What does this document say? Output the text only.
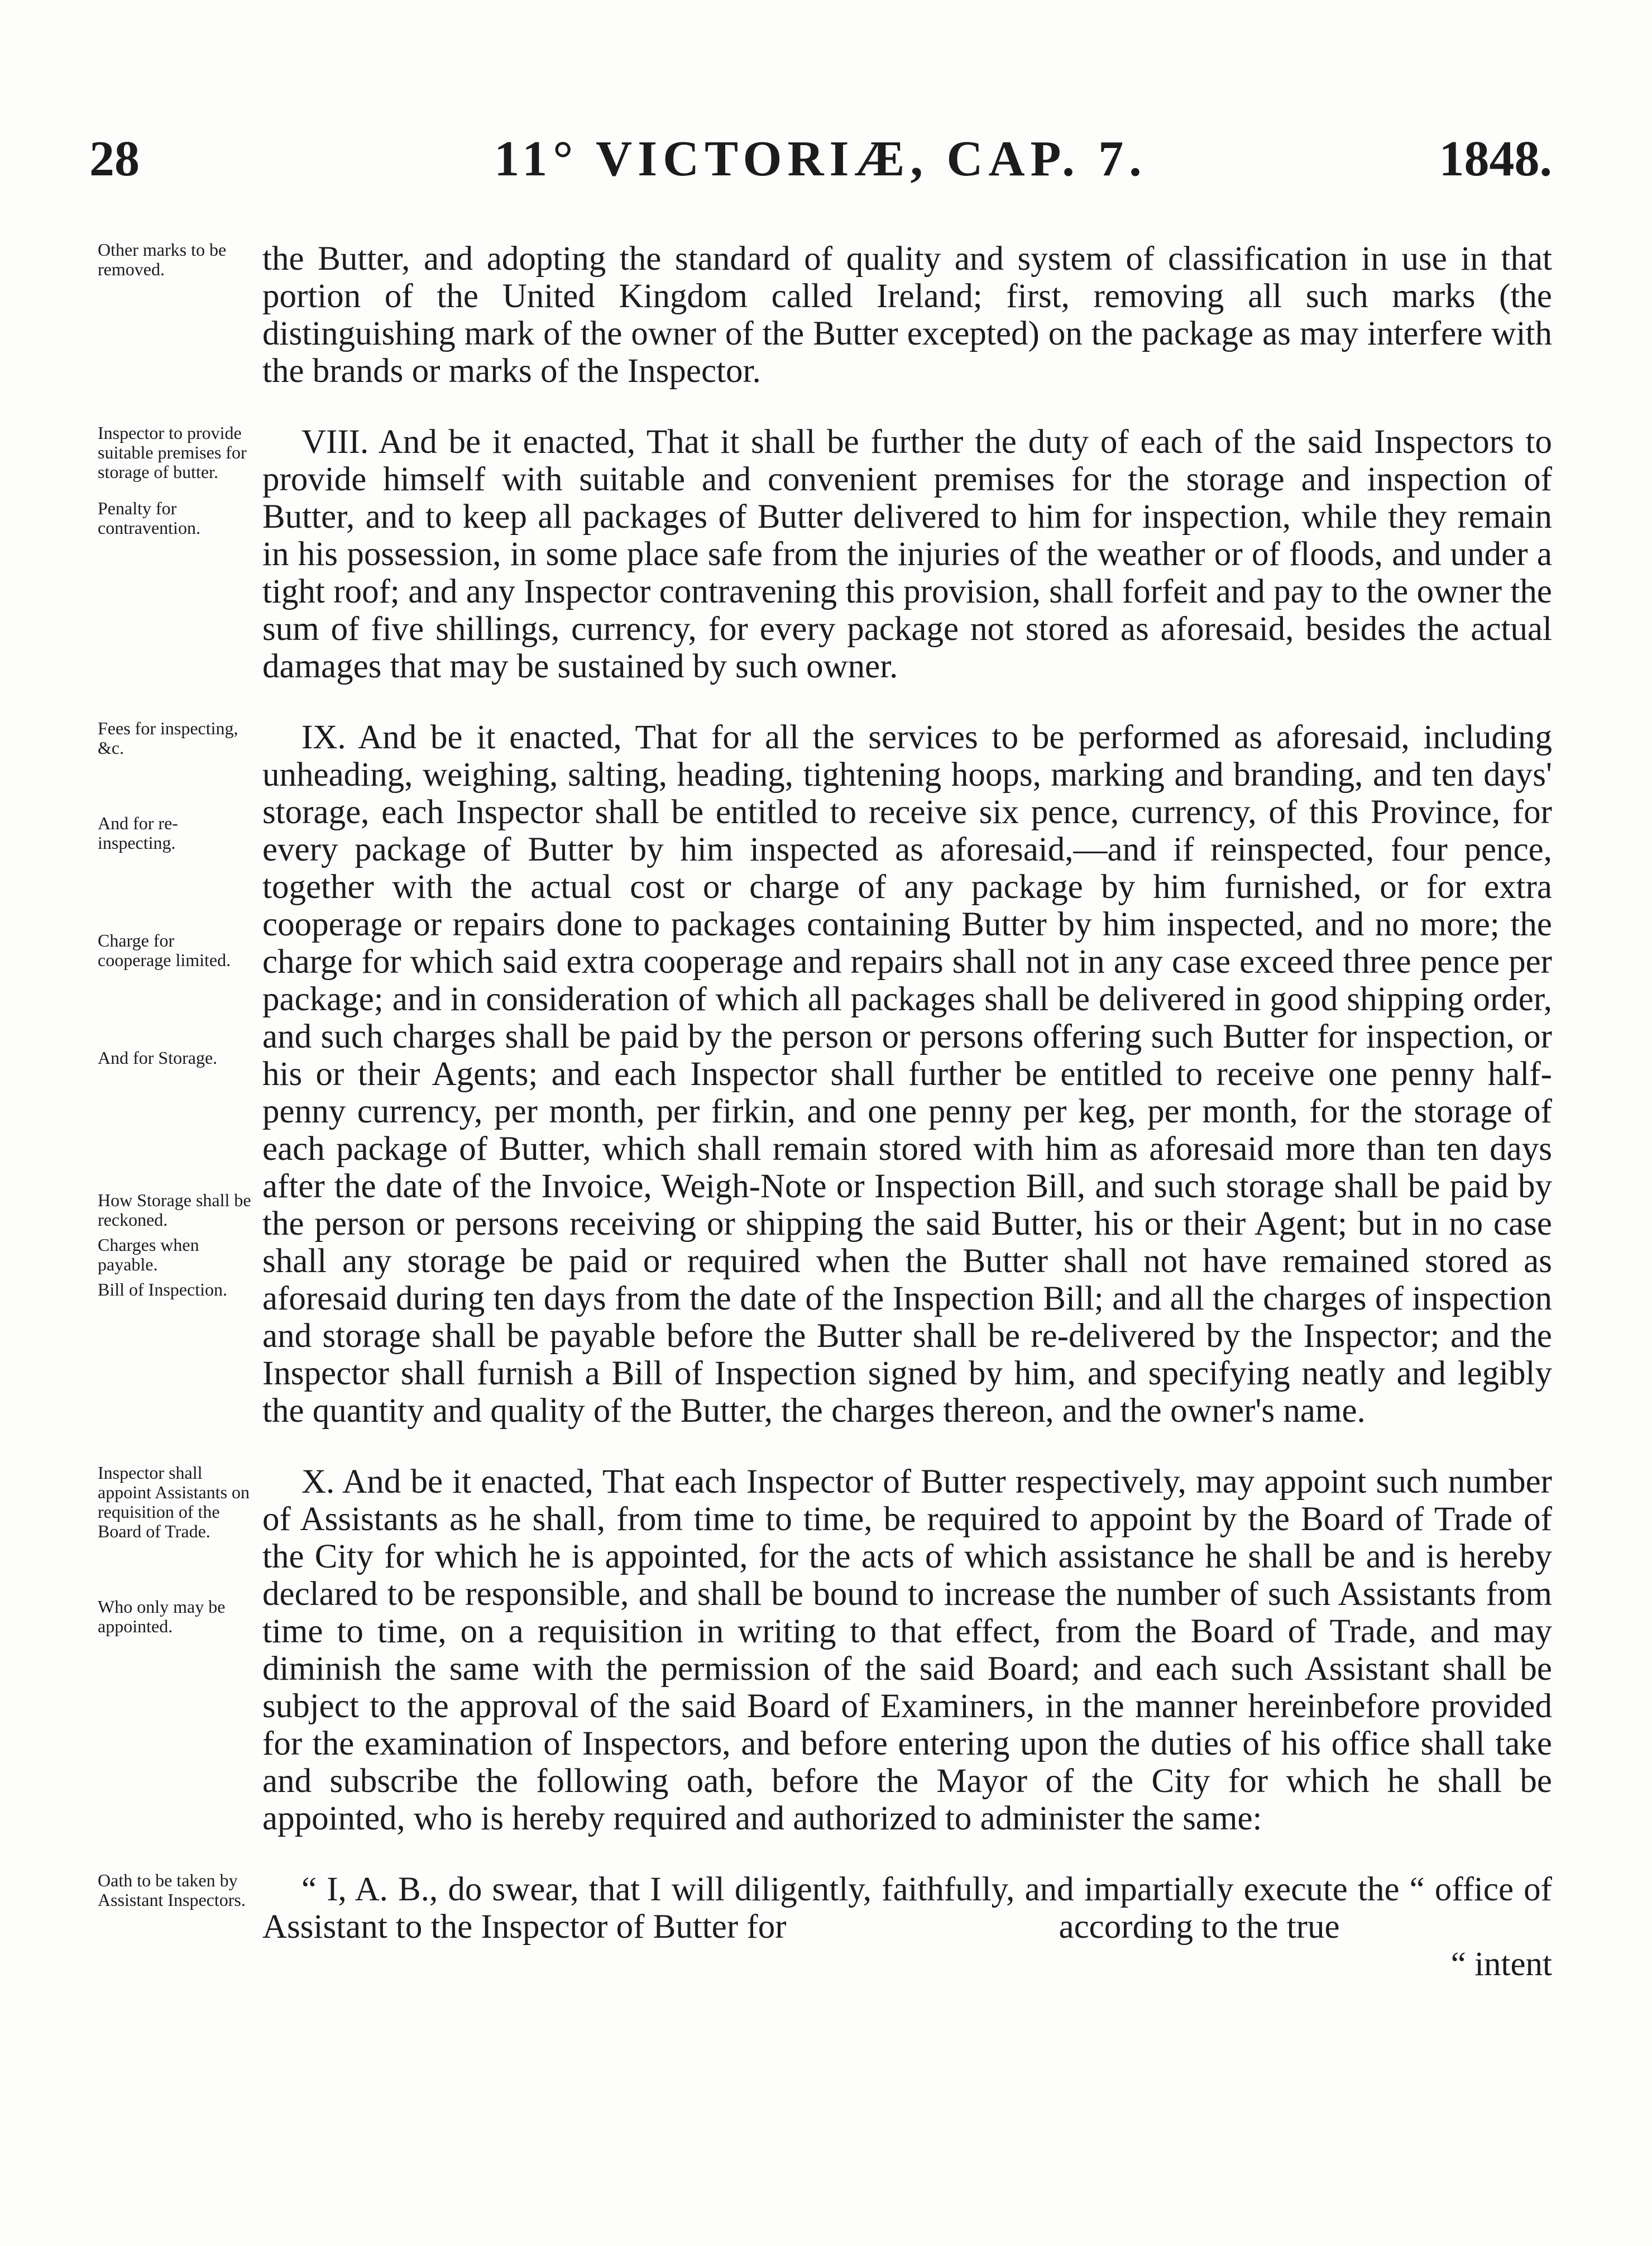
28	11° VICTORIÆ, CAP. 7.	1848.
Other marks to be removed.	the Butter, and adopting the standard of quality and system of classification in use in that portion of the United Kingdom called Ireland; first, removing all such marks (the distinguishing mark of the owner of the Butter excepted) on the package as may interfere with the brands or marks of the Inspector.

Inspector to provide suitable premises for storage of butter.
Penalty for contravention.

VIII. And be it enacted, That it shall be further the duty of each of the said Inspectors to provide himself with suitable and convenient premises for the storage and inspection of Butter, and to keep all packages of Butter delivered to him for inspection, while they remain in his possession, in some place safe from the injuries of the weather or of floods, and under a tight roof; and any Inspector contravening this provision, shall forfeit and pay to the owner the sum of five shillings, currency, for every package not stored as aforesaid, besides the actual damages that may be sustained by such owner.

Fees for inspecting, &c.
And for re-inspecting.
Charge for cooperage limited.
And for Storage.
How Storage shall be reckoned.
Charges when payable.
Bill of Inspection.

IX. And be it enacted, That for all the services to be performed as aforesaid, including unheading, weighing, salting, heading, tightening hoops, marking and branding, and ten days' storage, each Inspector shall be entitled to receive six pence, currency, of this Province, for every package of Butter by him inspected as aforesaid,—and if reinspected, four pence, together with the actual cost or charge of any package by him furnished, or for extra cooperage or repairs done to packages containing Butter by him inspected, and no more; the charge for which said extra cooperage and repairs shall not in any case exceed three pence per package; and in consideration of which all packages shall be delivered in good shipping order, and such charges shall be paid by the person or persons offering such Butter for inspection, or his or their Agents; and each Inspector shall further be entitled to receive one penny half-penny currency, per month, per firkin, and one penny per keg, per month, for the storage of each package of Butter, which shall remain stored with him as aforesaid more than ten days after the date of the Invoice, Weigh-Note or Inspection Bill, and such storage shall be paid by the person or persons receiving or shipping the said Butter, his or their Agent; but in no case shall any storage be paid or required when the Butter shall not have remained stored as aforesaid during ten days from the date of the Inspection Bill; and all the charges of inspection and storage shall be payable before the Butter shall be re-delivered by the Inspector; and the Inspector shall furnish a Bill of Inspection signed by him, and specifying neatly and legibly the quantity and quality of the Butter, the charges thereon, and the owner's name.

Inspector shall appoint Assistants on requisition of the Board of Trade.
Who only may be appointed.

X. And be it enacted, That each Inspector of Butter respectively, may appoint such number of Assistants as he shall, from time to time, be required to appoint by the Board of Trade of the City for which he is appointed, for the acts of which assistance he shall be and is hereby declared to be responsible, and shall be bound to increase the number of such Assistants from time to time, on a requisition in writing to that effect, from the Board of Trade, and may diminish the same with the permission of the said Board; and each such Assistant shall be subject to the approval of the said Board of Examiners, in the manner hereinbefore provided for the examination of Inspectors, and before entering upon the duties of his office shall take and subscribe the following oath, before the Mayor of the City for which he shall be appointed, who is hereby required and authorized to administer the same:

Oath to be taken by Assistant Inspectors.	“ I, A. B., do swear, that I will diligently, faithfully, and impartially execute the “ office of Assistant to the Inspector of Butter for                                according to the true

“ intent
